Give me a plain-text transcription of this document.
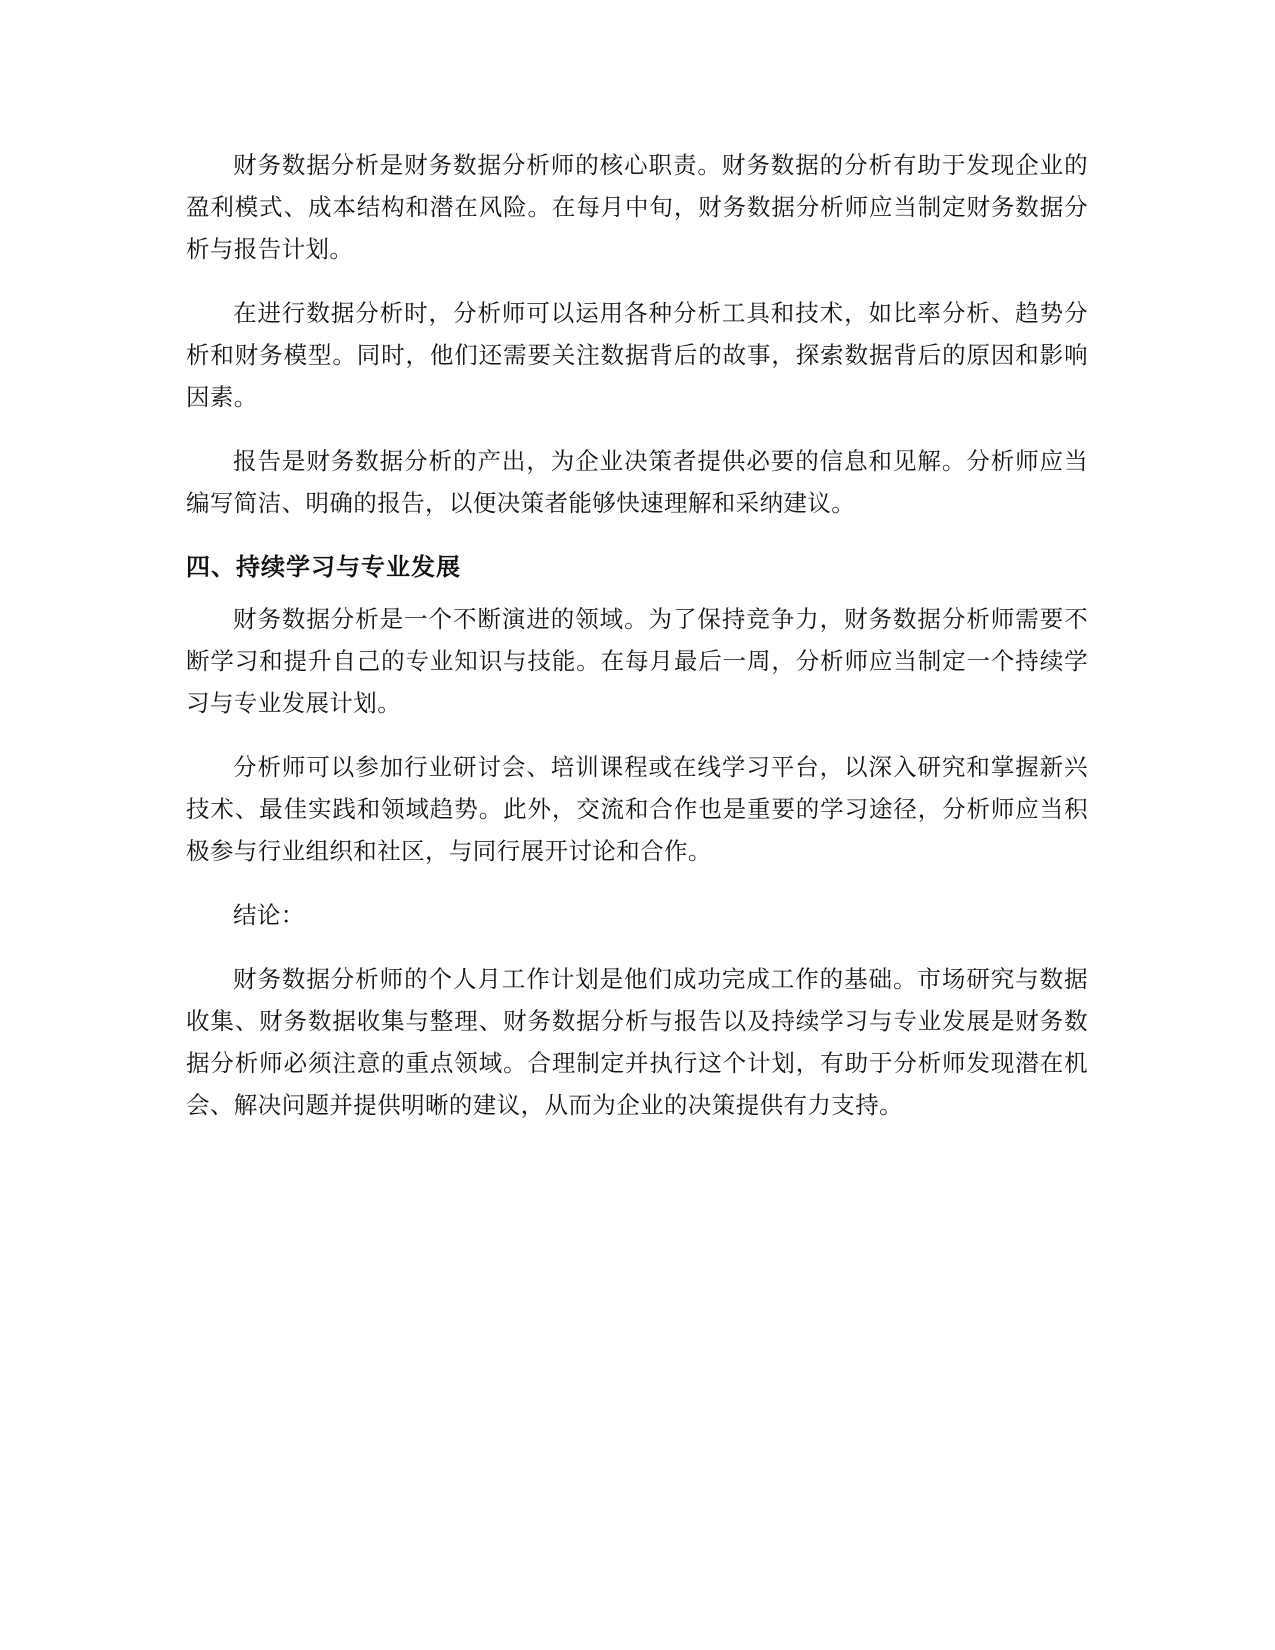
财务数据分析是财务数据分析师的核心职责。财务数据的分析有助于发现企业的盈利模式、成本结构和潜在风险。在每月中旬，财务数据分析师应当制定财务数据分析与报告计划。

在进行数据分析时，分析师可以运用各种分析工具和技术，如比率分析、趋势分析和财务模型。同时，他们还需要关注数据背后的故事，探索数据背后的原因和影响因素。

报告是财务数据分析的产出，为企业决策者提供必要的信息和见解。分析师应当编写简洁、明确的报告，以便决策者能够快速理解和采纳建议。

四、持续学习与专业发展

财务数据分析是一个不断演进的领域。为了保持竞争力，财务数据分析师需要不断学习和提升自己的专业知识与技能。在每月最后一周，分析师应当制定一个持续学习与专业发展计划。

分析师可以参加行业研讨会、培训课程或在线学习平台，以深入研究和掌握新兴技术、最佳实践和领域趋势。此外，交流和合作也是重要的学习途径，分析师应当积极参与行业组织和社区，与同行展开讨论和合作。

结论：

财务数据分析师的个人月工作计划是他们成功完成工作的基础。市场研究与数据收集、财务数据收集与整理、财务数据分析与报告以及持续学习与专业发展是财务数据分析师必须注意的重点领域。合理制定并执行这个计划，有助于分析师发现潜在机会、解决问题并提供明晰的建议，从而为企业的决策提供有力支持。
